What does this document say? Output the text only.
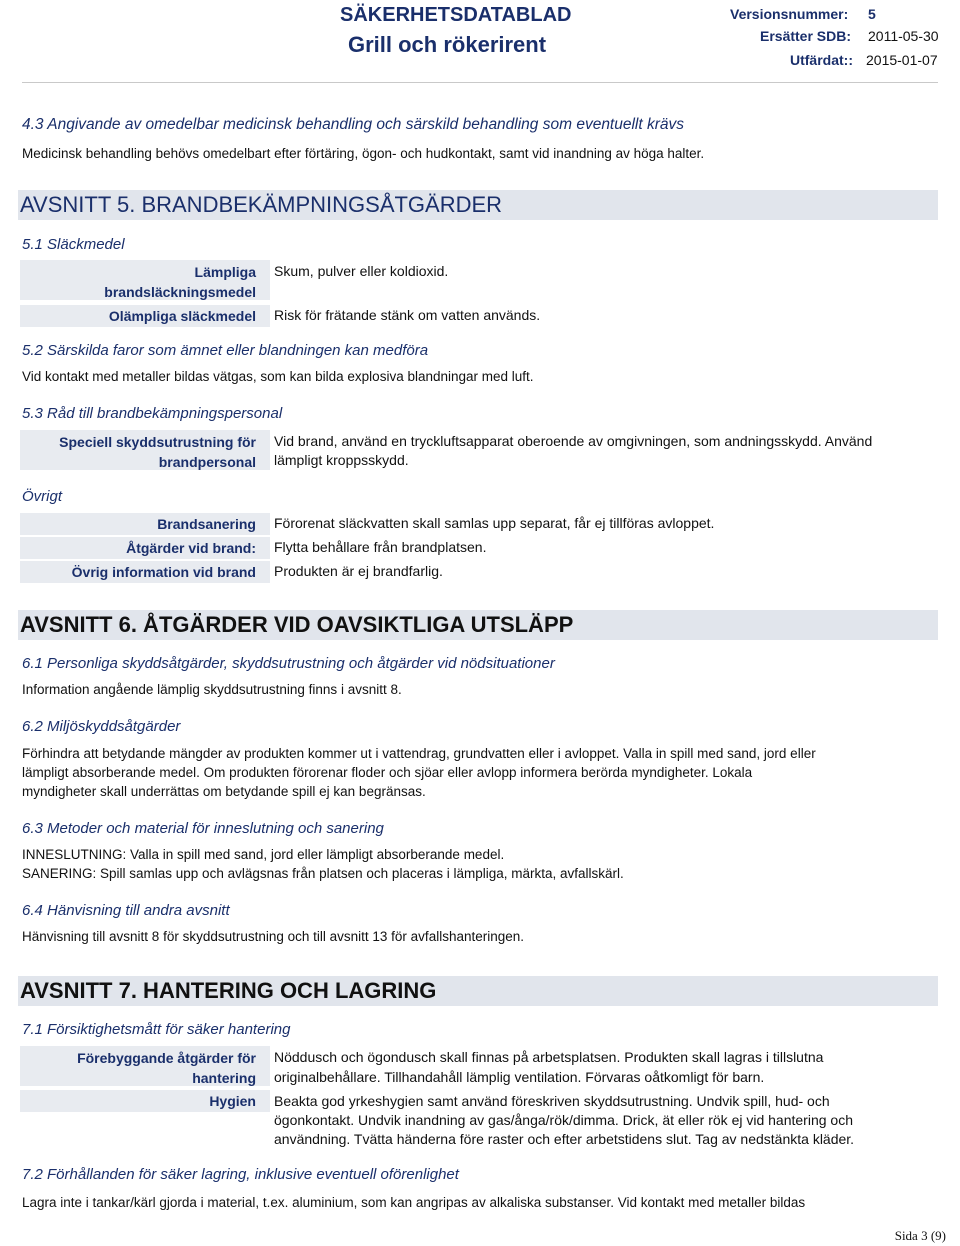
SÄKERHETSDATABLAD
Grill och rökerirent
Versionsnummer: 5
Ersätter SDB: 2011-05-30
Utfärdat:: 2015-01-07
4.3 Angivande av omedelbar medicinsk behandling och särskild behandling som eventuellt krävs
Medicinsk behandling behövs omedelbart efter förtäring, ögon- och hudkontakt, samt vid inandning av höga halter.
AVSNITT 5. BRANDBEKÄMPNINGSÅTGÄRDER
5.1 Släckmedel
Lämpliga
brandsläckningsmedel
Skum, pulver eller koldioxid.
Olämpliga släckmedel Risk för frätande stänk om vatten används.
5.2 Särskilda faror som ämnet eller blandningen kan medföra
Vid kontakt med metaller bildas vätgas, som kan bilda explosiva blandningar med luft.
5.3 Råd till brandbekämpningspersonal
Speciell skyddsutrustning för
brandpersonal
Vid brand, använd en tryckluftsapparat oberoende av omgivningen, som andningsskydd. Använd
lämpligt kroppsskydd.
Övrigt
Brandsanering Förorenat släckvatten skall samlas upp separat, får ej tillföras avloppet.
Åtgärder vid brand: Flytta behållare från brandplatsen.
Övrig information vid brand Produkten är ej brandfarlig.
AVSNITT 6. ÅTGÄRDER VID OAVSIKTLIGA UTSLÄPP
6.1 Personliga skyddsåtgärder, skyddsutrustning och åtgärder vid nödsituationer
Information angående lämplig skyddsutrustning finns i avsnitt 8.
6.2 Miljöskyddsåtgärder
Förhindra att betydande mängder av produkten kommer ut i vattendrag, grundvatten eller i avloppet. Valla in spill med sand, jord eller
lämpligt absorberande medel. Om produkten förorenar floder och sjöar eller avlopp informera berörda myndigheter. Lokala
myndigheter skall underrättas om betydande spill ej kan begränsas.
6.3 Metoder och material för inneslutning och sanering
INNESLUTNING: Valla in spill med sand, jord eller lämpligt absorberande medel.
SANERING: Spill samlas upp och avlägsnas från platsen och placeras i lämpliga, märkta, avfallskärl.
6.4 Hänvisning till andra avsnitt
Hänvisning till avsnitt 8 för skyddsutrustning och till avsnitt 13 för avfallshanteringen.
AVSNITT 7. HANTERING OCH LAGRING
7.1 Försiktighetsmått för säker hantering
Förebyggande åtgärder för
hantering
Nöddusch och ögondusch skall finnas på arbetsplatsen. Produkten skall lagras i tillslutna
originalbehållare. Tillhandahåll lämplig ventilation. Förvaras oåtkomligt för barn.
Hygien Beakta god yrkeshygien samt använd föreskriven skyddsutrustning. Undvik spill, hud- och
ögonkontakt. Undvik inandning av gas/ånga/rök/dimma. Drick, ät eller rök ej vid hantering och
användning. Tvätta händerna före raster och efter arbetstidens slut. Tag av nedstänkta kläder.
7.2 Förhållanden för säker lagring, inklusive eventuell oförenlighet
Lagra inte i tankar/kärl gjorda i material, t.ex. aluminium, som kan angripas av alkaliska substanser. Vid kontakt med metaller bildas
Sida 3 (9)
